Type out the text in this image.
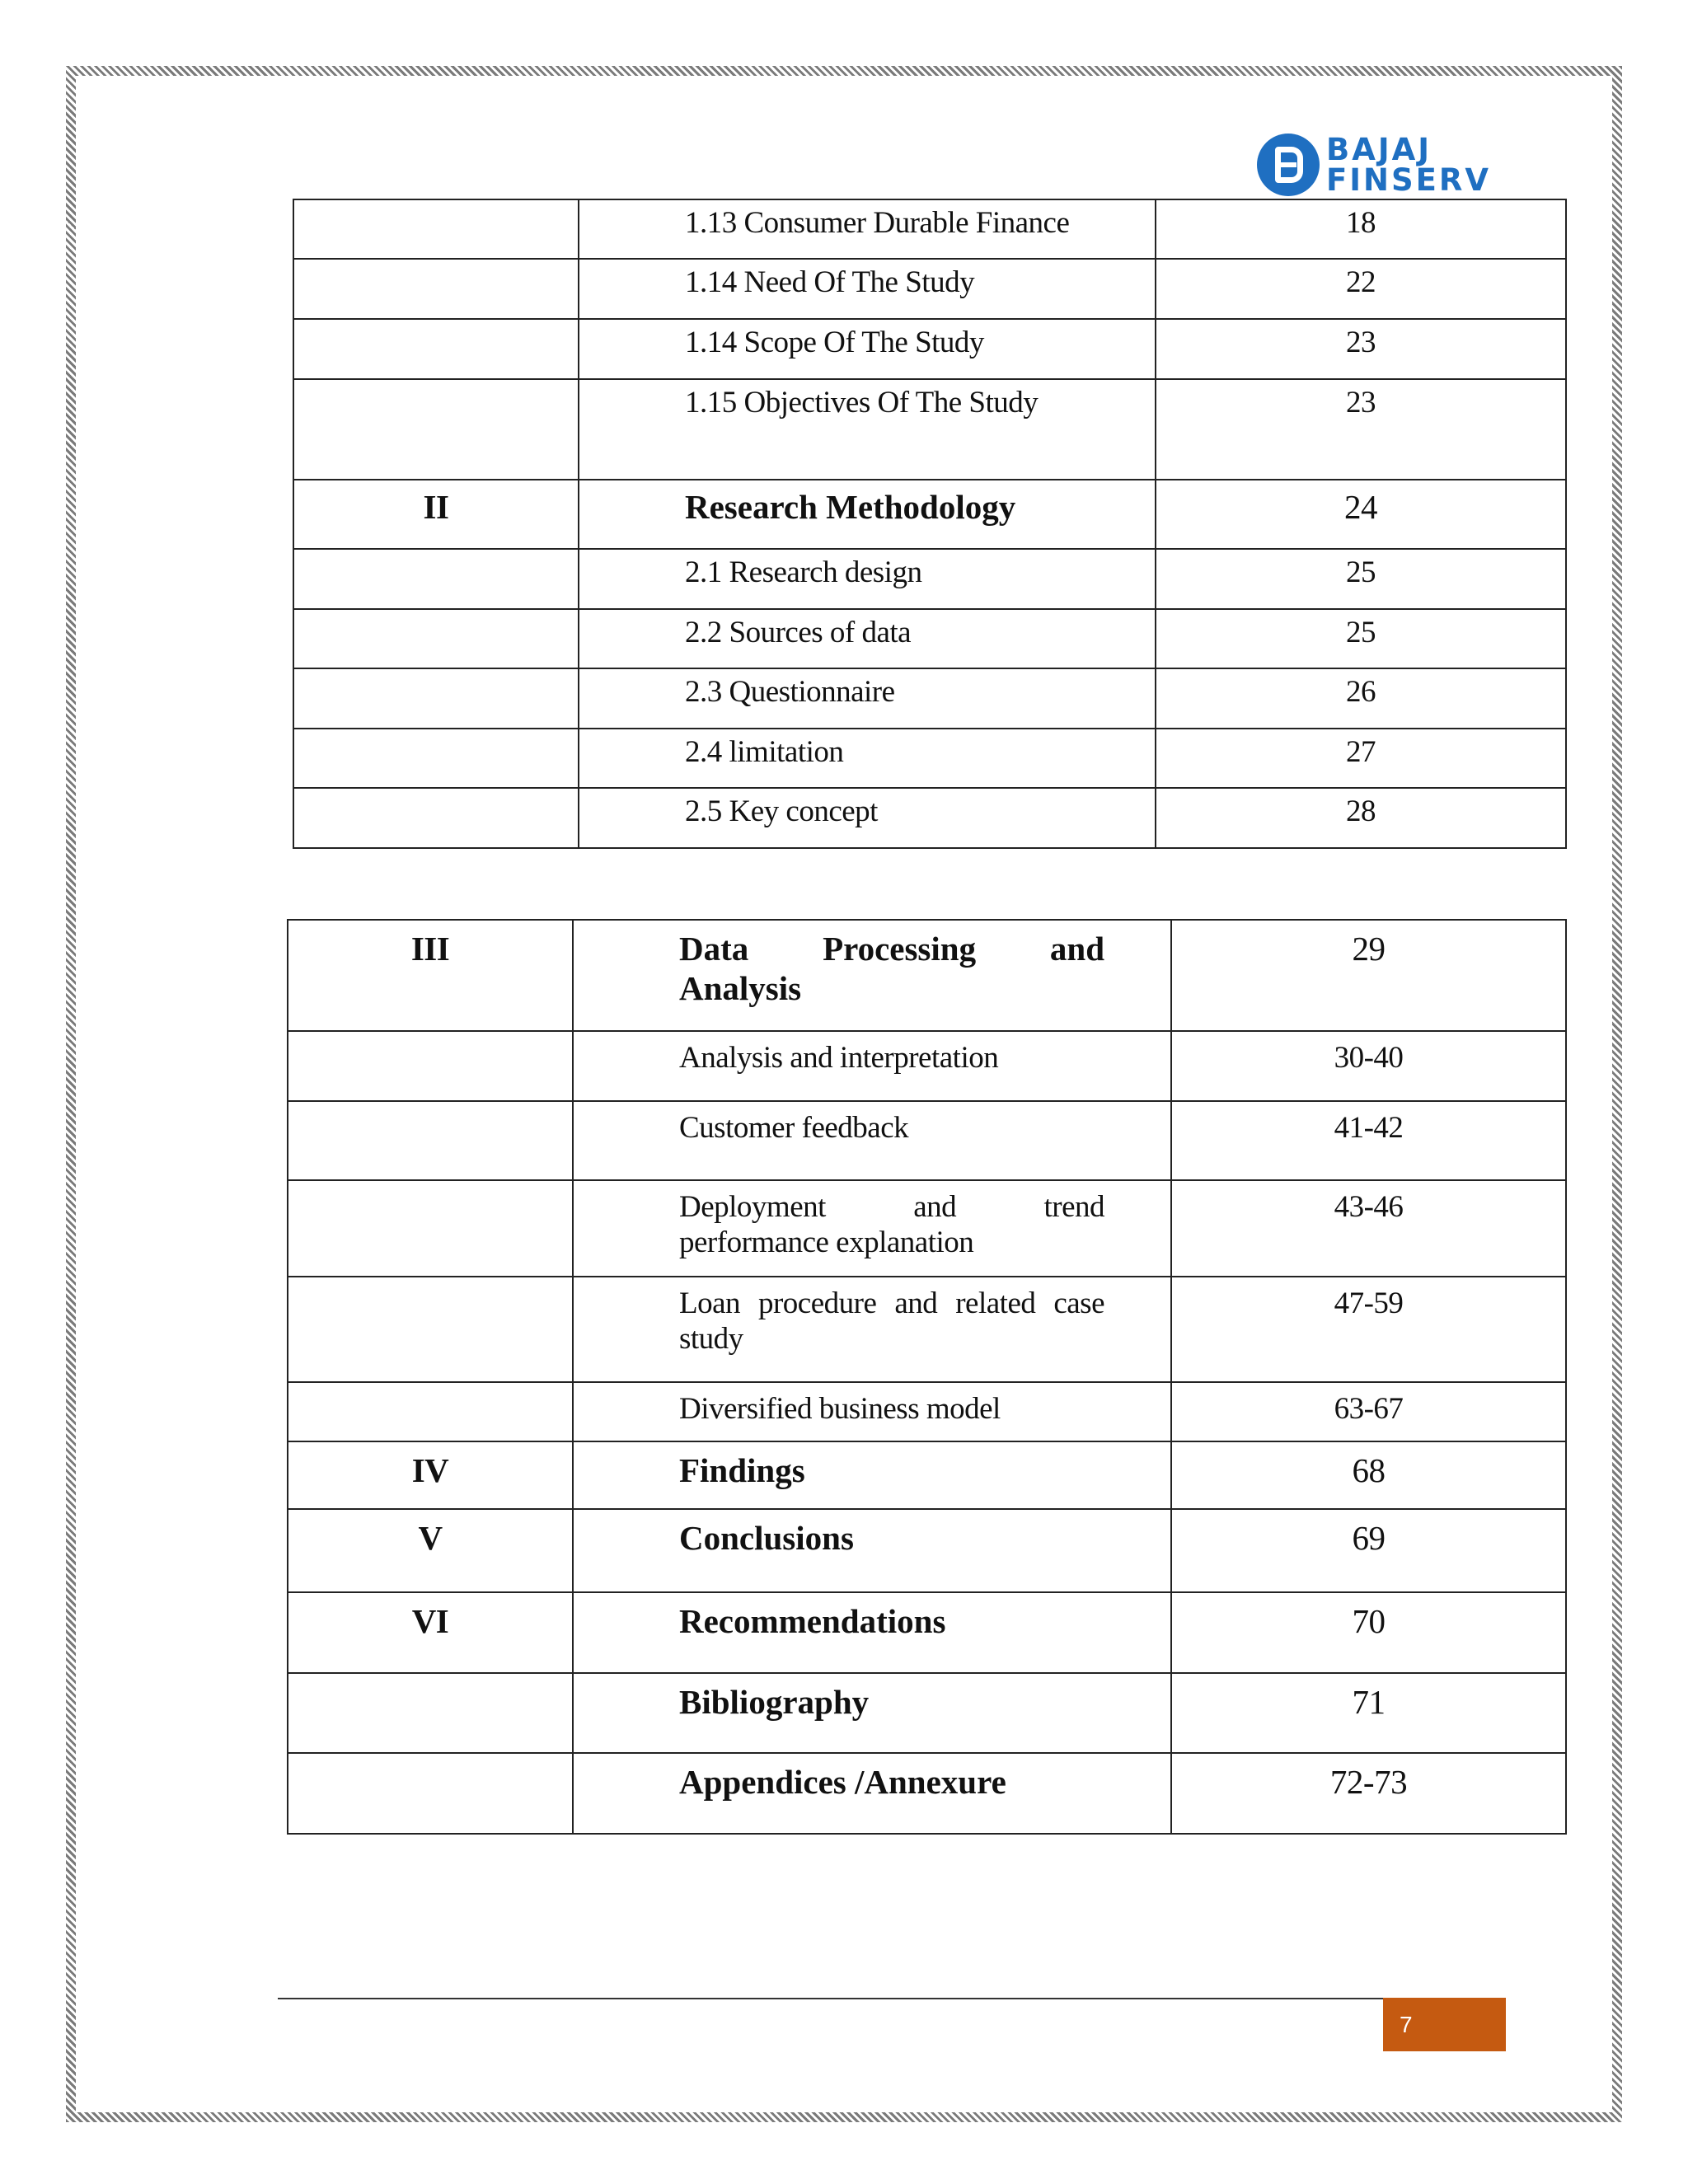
BAJAJ
FINSERV
	1.13 Consumer Durable Finance	18
	1.14 Need Of The Study	22
	1.14 Scope Of The Study	23
	1.15 Objectives Of The Study	23
II	Research Methodology	24
	2.1 Research design	25
	2.2 Sources of data	25
	2.3 Questionnaire	26
	2.4 limitation	27
	2.5 Key concept	28
III	Data Processing and
Analysis	29
	Analysis and interpretation	30-40
	Customer feedback	41-42

	Deployment and trend
performance explanation	43-46

	Loan procedure and related case
study	47-59
	Diversified business model	63-67
IV	Findings	68
V	Conclusions	69
VI	Recommendations	70
	Bibliography	71
	Appendices /Annexure	72-73
7
